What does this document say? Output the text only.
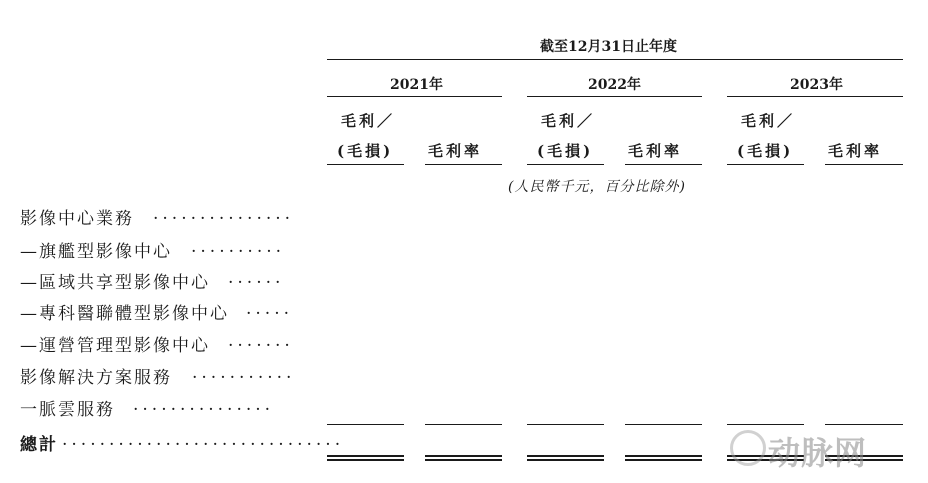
截至12月31日止年度
2021年	2022年	2023年
毛利／
(毛損) 毛利率
毛利／
(毛損) 毛利率
毛利／
(毛損) 毛利率
(人民幣千元，百分比除外)
影像中心業務 ...............
—旗艦型影像中心 ..........
—區域共享型影像中心 ......
—專科醫聯體型影像中心 .....
—運營管理型影像中心 .......
影像解決方案服務 ...........
一脈雲服務 ...............
动脉网
總計 ..............................
